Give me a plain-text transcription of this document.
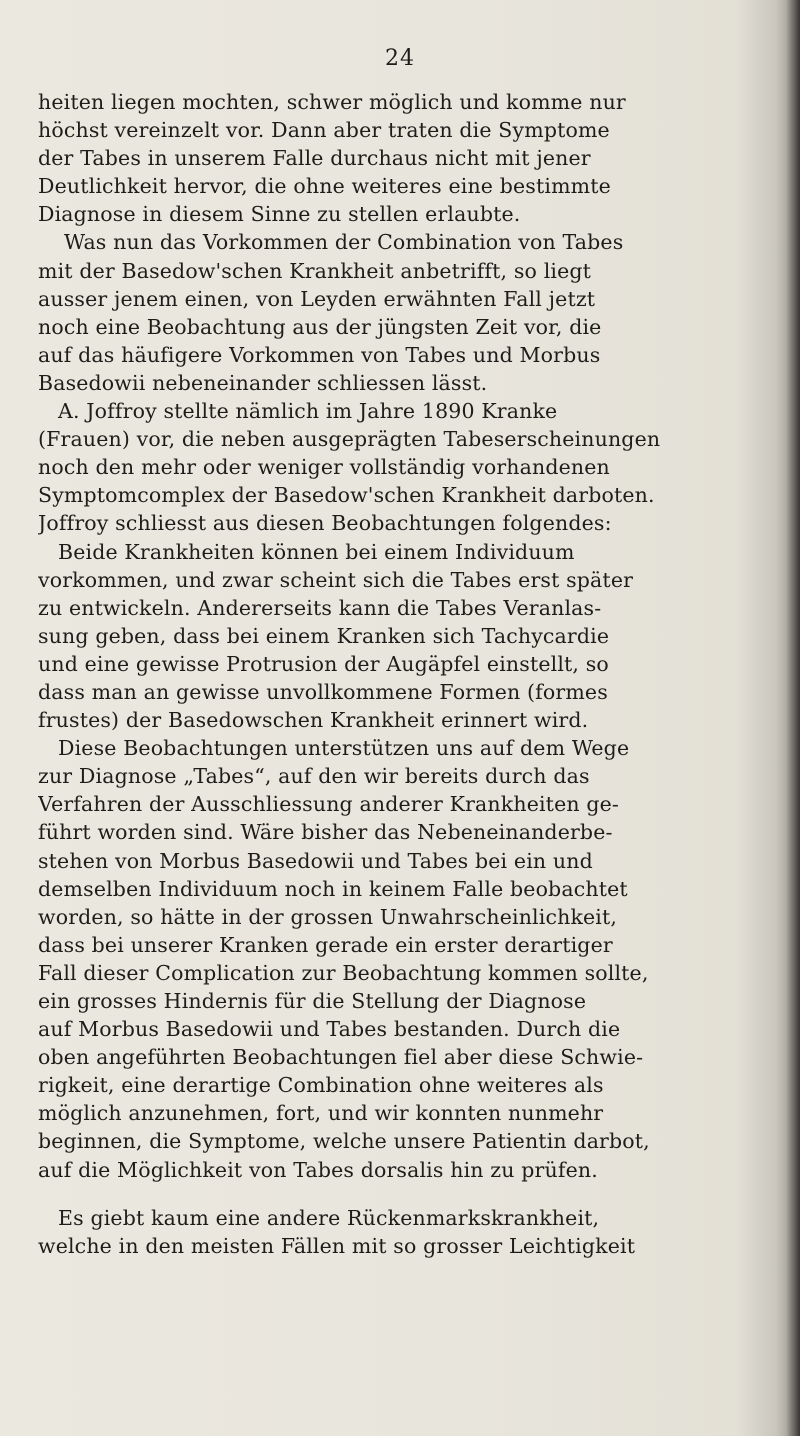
24
heiten liegen mochten, schwer möglich und komme nur
höchst vereinzelt vor. Dann aber traten die Symptome
der Tabes in unserem Falle durchaus nicht mit jener
Deutlichkeit hervor, die ohne weiteres eine bestimmte
Diagnose in diesem Sinne zu stellen erlaubte.
Was nun das Vorkommen der Combination von Tabes
mit der Basedow'schen Krankheit anbetrifft, so liegt
ausser jenem einen, von Leyden erwähnten Fall jetzt
noch eine Beobachtung aus der jüngsten Zeit vor, die
auf das häufigere Vorkommen von Tabes und Morbus
Basedowii nebeneinander schliessen lässt.
A. Joffroy stellte nämlich im Jahre 1890 Kranke
(Frauen) vor, die neben ausgeprägten Tabeserscheinungen
noch den mehr oder weniger vollständig vorhandenen
Symptomcomplex der Basedow'schen Krankheit darboten.
Joffroy schliesst aus diesen Beobachtungen folgendes:
Beide Krankheiten können bei einem Individuum
vorkommen, und zwar scheint sich die Tabes erst später
zu entwickeln. Andererseits kann die Tabes Veranlas-
sung geben, dass bei einem Kranken sich Tachycardie
und eine gewisse Protrusion der Augäpfel einstellt, so
dass man an gewisse unvollkommene Formen (formes
frustes) der Basedowschen Krankheit erinnert wird.
Diese Beobachtungen unterstützen uns auf dem Wege
zur Diagnose „Tabes“, auf den wir bereits durch das
Verfahren der Ausschliessung anderer Krankheiten ge-
führt worden sind. Wäre bisher das Nebeneinanderbe-
stehen von Morbus Basedowii und Tabes bei ein und
demselben Individuum noch in keinem Falle beobachtet
worden, so hätte in der grossen Unwahrscheinlichkeit,
dass bei unserer Kranken gerade ein erster derartiger
Fall dieser Complication zur Beobachtung kommen sollte,
ein grosses Hindernis für die Stellung der Diagnose
auf Morbus Basedowii und Tabes bestanden. Durch die
oben angeführten Beobachtungen fiel aber diese Schwie-
rigkeit, eine derartige Combination ohne weiteres als
möglich anzunehmen, fort, und wir konnten nunmehr
beginnen, die Symptome, welche unsere Patientin darbot,
auf die Möglichkeit von Tabes dorsalis hin zu prüfen.
Es giebt kaum eine andere Rückenmarkskrankheit,
welche in den meisten Fällen mit so grosser Leichtigkeit
